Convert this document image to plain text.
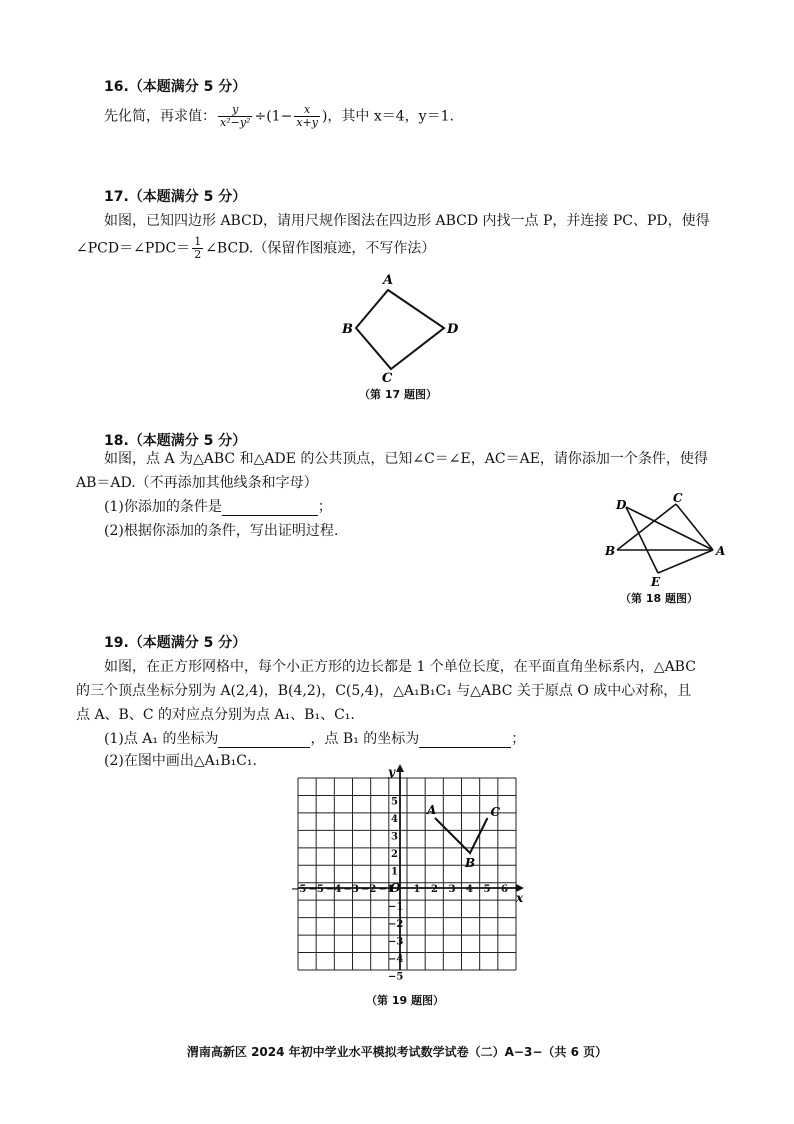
16.（本题满分 5 分）
先化简，再求值： $\frac{y}{\text{x²−y²}} \div(1- \frac{x}{x+y}$ )，其中 x＝4，y＝1.
17.（本题满分 5 分）
如图，已知四边形 ABCD，请用尺规作图法在四边形 ABCD 内找一点 P，并连接 PC、PD，使得
∠PCD＝∠PDC＝ $\frac{1}{2}$ ∠BCD.（保留作图痕迹，不写作法）
A
B
C
D
（第 17 题图）
18.（本题满分 5 分）
如图，点 A 为△ABC 和△ADE 的公共顶点，已知∠C＝∠E，AC＝AE，请你添加一个条件，使得
AB＝AD.（不再添加其他线条和字母）
(1)你添加的条件是	；
(2)根据你添加的条件，写出证明过程.
D	C
B	A
E
（第 18 题图）
19.（本题满分 5 分）
如图，在正方形网格中，每个小正方形的边长都是 1 个单位长度，在平面直角坐标系内，△ABC
的三个顶点坐标分别为 A(2,4)，B(4,2)，C(5,4)，△A₁B₁C₁ 与△ABC 关于原点 O 成中心对称，且
点 A、B、C 的对应点分别为点 A₁、B₁、C₁.
(1)点 A₁ 的坐标为	，点 B₁ 的坐标为	；
(2)在图中画出△A₁B₁C₁.
−5 −5 −4 −3 −2 −1 1 2 3 4 5 6
5
4
3
2
1
−1
−2
−3
−4
−5
x
y
O
A
B
C
（第 19 题图）
渭南高新区 2024 年初中学业水平模拟考试数学试卷（二）A−3−（共 6 页）
